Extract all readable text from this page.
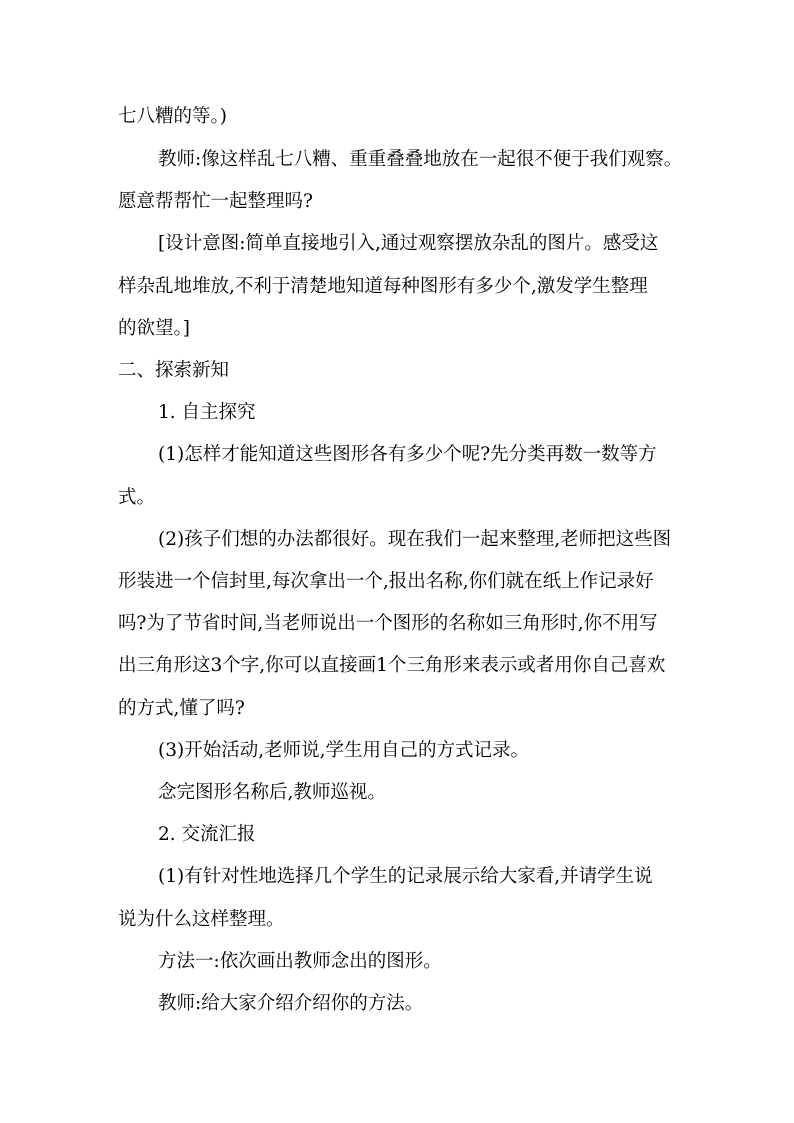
七八糟的等。)
教师:像这样乱七八糟、重重叠叠地放在一起很不便于我们观察。
愿意帮帮忙一起整理吗?
[设计意图:简单直接地引入,通过观察摆放杂乱的图片。感受这
样杂乱地堆放,不利于清楚地知道每种图形有多少个,激发学生整理
的欲望。]
二、探索新知
1. 自主探究
(1)怎样才能知道这些图形各有多少个呢?先分类再数一数等方
式。
(2)孩子们想的办法都很好。现在我们一起来整理,老师把这些图
形装进一个信封里,每次拿出一个,报出名称,你们就在纸上作记录好
吗?为了节省时间,当老师说出一个图形的名称如三角形时,你不用写
出三角形这3个字,你可以直接画1个三角形来表示或者用你自己喜欢
的方式,懂了吗?
(3)开始活动,老师说,学生用自己的方式记录。
念完图形名称后,教师巡视。
2. 交流汇报
(1)有针对性地选择几个学生的记录展示给大家看,并请学生说
说为什么这样整理。
方法一:依次画出教师念出的图形。
教师:给大家介绍介绍你的方法。
